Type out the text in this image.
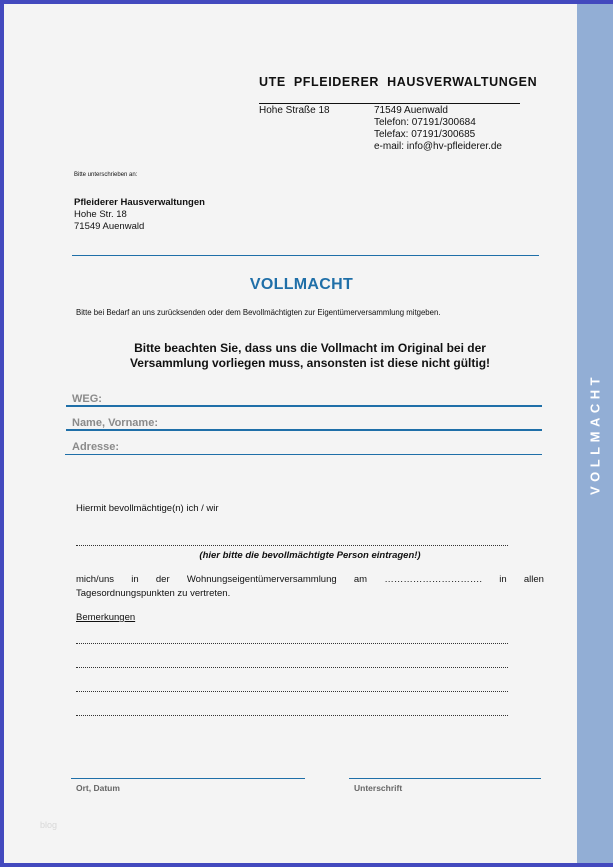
VOLLMACHT
UTE PFLEIDERER HAUSVERWALTUNGEN
Hohe Straße 18	71549 Auenwald
Telefon: 07191/300684
Telefax: 07191/300685
e-mail: info@hv-pfleiderer.de
Bitte unterschrieben an:
Pfleiderer Hausverwaltungen
Hohe Str. 18
71549 Auenwald
VOLLMACHT
Bitte bei Bedarf an uns zurücksenden oder dem Bevollmächtigten zur Eigentümerversammlung mitgeben.
Bitte beachten Sie, dass uns die Vollmacht im Original bei der
Versammlung vorliegen muss, ansonsten ist diese nicht gültig!
WEG:
Name, Vorname:
Adresse:
Hiermit bevollmächtige(n) ich / wir
(hier bitte die bevollmächtigte Person eintragen!)
mich/uns in der Wohnungseigentümerversammlung am …………………………. in allen
Tagesordnungspunkten zu vertreten.
Bemerkungen
Ort, Datum	Unterschrift
blog
